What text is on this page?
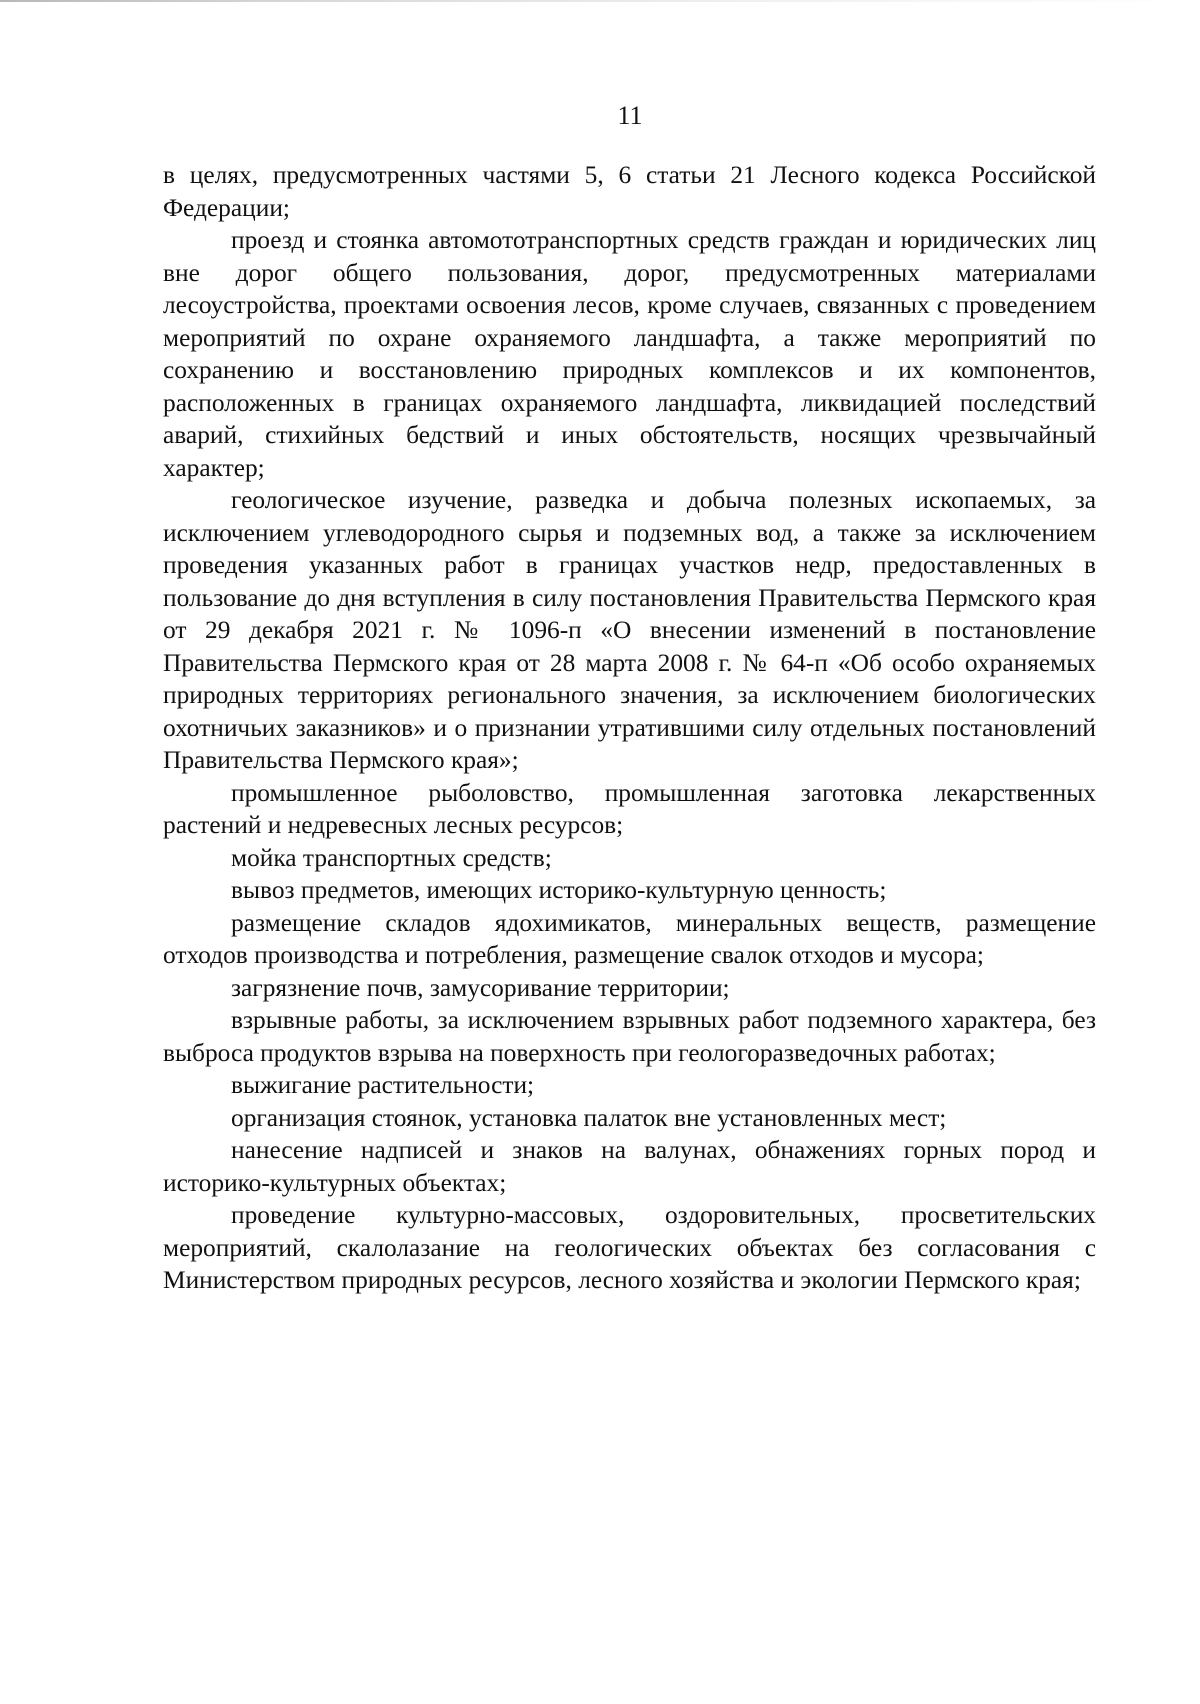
11

в целях, предусмотренных частями 5, 6 статьи 21 Лесного кодекса Российской Федерации;

проезд и стоянка автомототранспортных средств граждан и юридических лиц вне дорог общего пользования, дорог, предусмотренных материалами лесоустройства, проектами освоения лесов, кроме случаев, связанных с проведением мероприятий по охране охраняемого ландшафта, а также мероприятий по сохранению и восстановлению природных комплексов и их компонентов, расположенных в границах охраняемого ландшафта, ликвидацией последствий аварий, стихийных бедствий и иных обстоятельств, носящих чрезвычайный характер;

геологическое изучение, разведка и добыча полезных ископаемых, за исключением углеводородного сырья и подземных вод, а также за исключением проведения указанных работ в границах участков недр, предоставленных в пользование до дня вступления в силу постановления Правительства Пермского края от 29 декабря 2021 г. № 1096-п «О внесении изменений в постановление Правительства Пермского края от 28 марта 2008 г. № 64-п «Об особо охраняемых природных территориях регионального значения, за исключением биологических охотничьих заказников» и о признании утратившими силу отдельных постановлений Правительства Пермского края»;

промышленное рыболовство, промышленная заготовка лекарственных растений и недревесных лесных ресурсов;

мойка транспортных средств;

вывоз предметов, имеющих историко-культурную ценность;

размещение складов ядохимикатов, минеральных веществ, размещение отходов производства и потребления, размещение свалок отходов и мусора;

загрязнение почв, замусоривание территории;

взрывные работы, за исключением взрывных работ подземного характера, без выброса продуктов взрыва на поверхность при геологоразведочных работах;

выжигание растительности;

организация стоянок, установка палаток вне установленных мест;

нанесение надписей и знаков на валунах, обнажениях горных пород и историко-культурных объектах;

проведение культурно-массовых, оздоровительных, просветительских мероприятий, скалолазание на геологических объектах без согласования с Министерством природных ресурсов, лесного хозяйства и экологии Пермского края;
